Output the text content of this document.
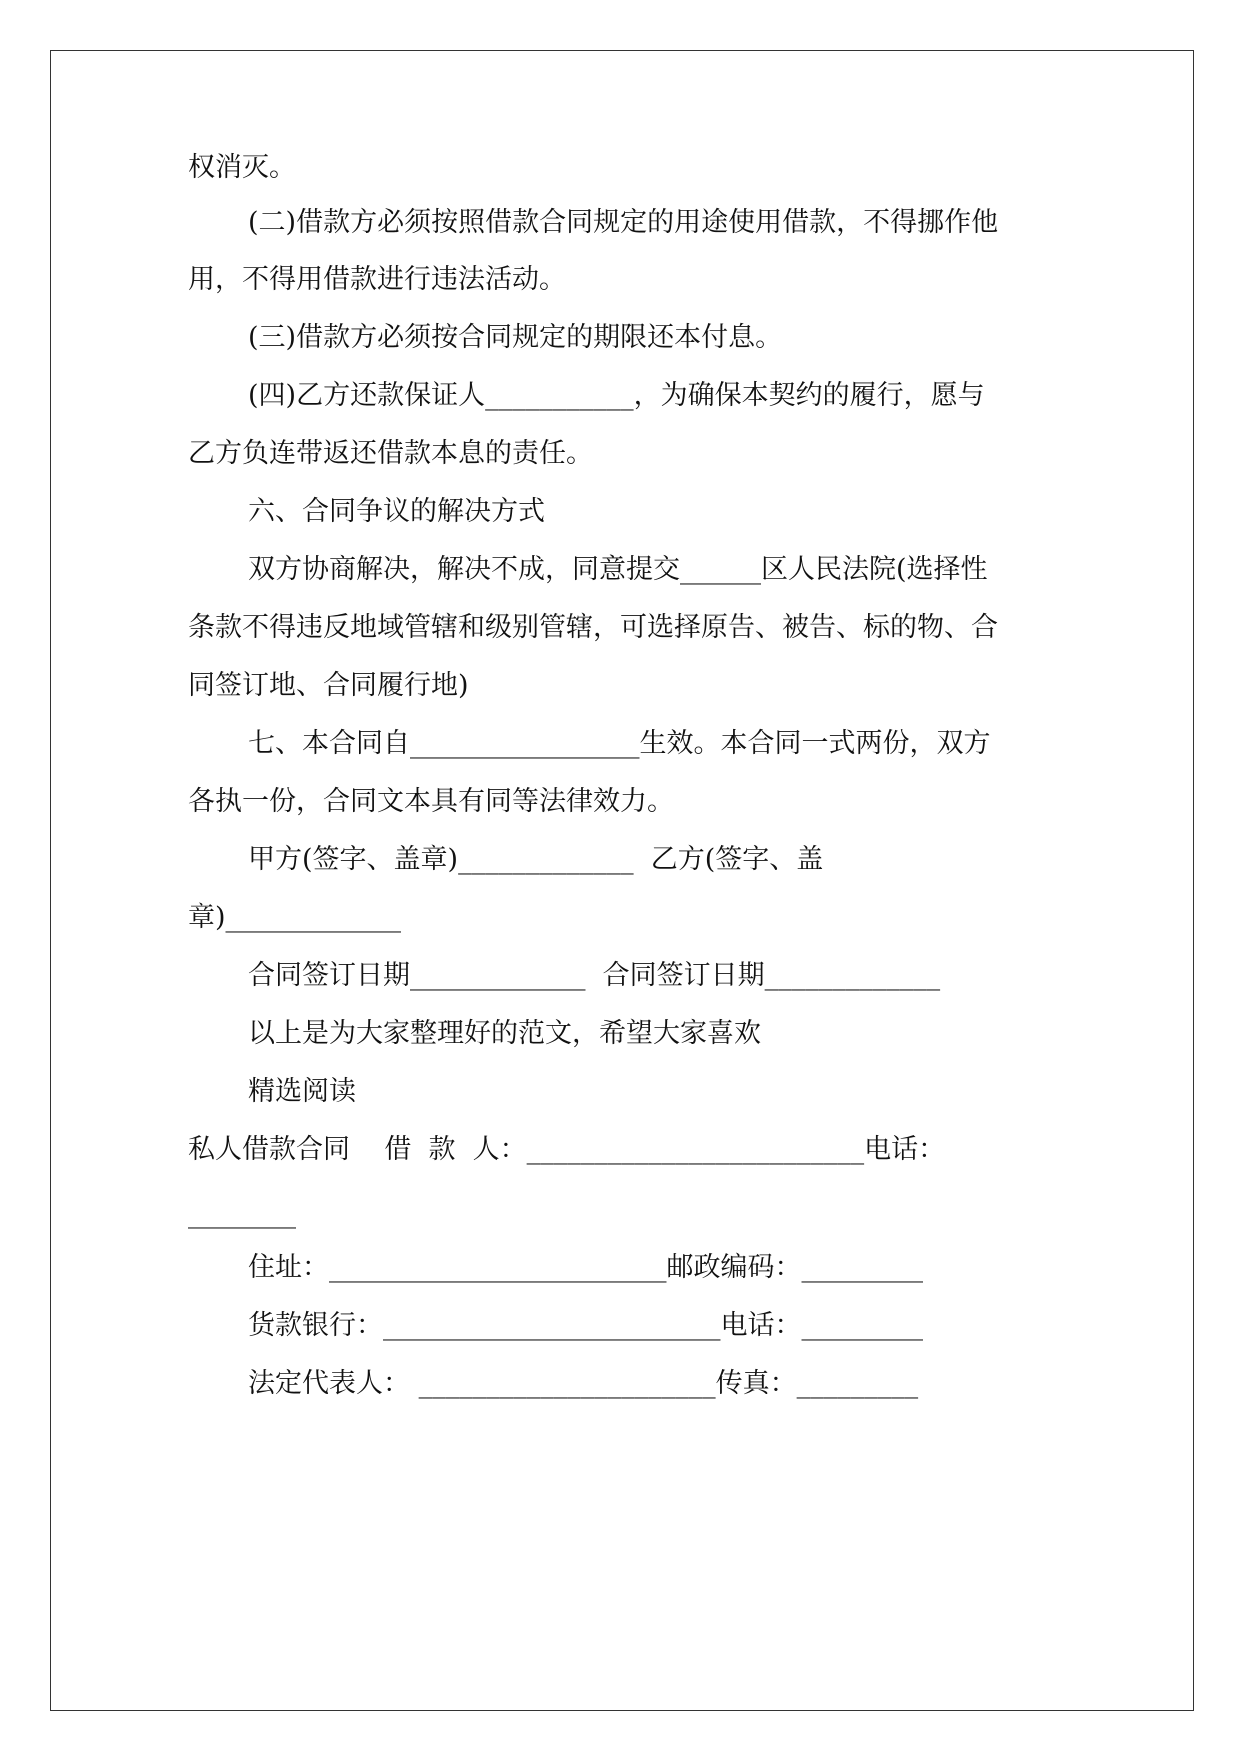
权消灭。
(二)借款方必须按照借款合同规定的用途使用借款，不得挪作他
用，不得用借款进行违法活动。
(三)借款方必须按合同规定的期限还本付息。
(四)乙方还款保证人___________，为确保本契约的履行，愿与
乙方负连带返还借款本息的责任。
六、合同争议的解决方式
双方协商解决，解决不成，同意提交______区人民法院(选择性
条款不得违反地域管辖和级别管辖，可选择原告、被告、标的物、合
同签订地、合同履行地)
七、本合同自_________________生效。本合同一式两份，双方
各执一份，合同文本具有同等法律效力。
甲方(签字、盖章)_____________  乙方(签字、盖
章)_____________
合同签订日期_____________  合同签订日期_____________
以上是为大家整理好的范文，希望大家喜欢
精选阅读
私人借款合同    借  款  人：_________________________电话：
________
住址：_________________________邮政编码：_________
货款银行：_________________________电话：_________
法定代表人： ______________________传真：_________
